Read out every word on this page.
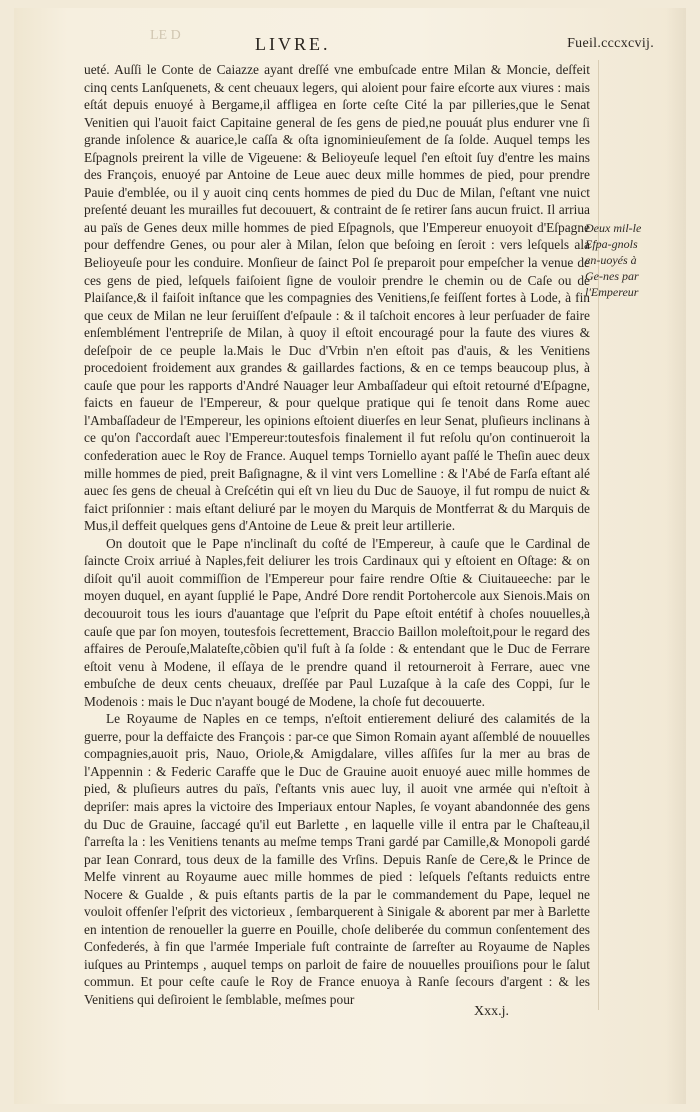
LE D	LIVRE.	Fueil.cccxcvij.

ueté. Auſſi le Conte de Caiazze ayant dreſſé vne embuſcade entre Milan & Moncie, deſfeit cinq cents Lanſquenets, & cent cheuaux legers, qui aloient pour faire eſcorte aux viures : mais eſtát depuis enuoyé à Bergame,il affligea en ſorte ceſte Cité la par pilleries,que le Senat Venitien qui l'auoit faict Capitaine general de ſes gens de pied,ne pouuát plus endurer vne ſi grande inſolence & auarice,le caſſa & oſta ignominieuſement de ſa ſolde. Auquel temps les Eſpagnols preirent la ville de Vigeuene: & Belioyeuſe lequel ſ'en eſtoit ſuy d'entre les mains des François, enuoyé par Antoine de Leue auec deux mille hommes de pied, pour prendre Pauie d'emblée, ou il y auoit cinq cents hommes de pied du Duc de Milan, ſ'eſtant vne nuict preſenté deuant les murailles fut decouuert, & contraint de ſe retirer ſans aucun fruict. Il arriua au païs de Genes deux mille hommes de pied Eſpagnols, que l'Empereur enuoyoit d'Eſpagne pour deffendre Genes, ou pour aler à Milan, ſelon que beſoing en ſeroit : vers leſquels ala Belioyeuſe pour les conduire. Monſieur de ſainct Pol ſe preparoit pour empeſcher la venue de ces gens de pied, leſquels faiſoient ſigne de vouloir prendre le chemin ou de Caſe ou de Plaiſance,& il faiſoit inſtance que les compagnies des Venitiens,ſe feiſſent fortes à Lode, à fin que ceux de Milan ne leur ſeruiſſent d'eſpaule : & il taſchoit encores à leur perſuader de faire enſemblément l'entrepriſe de Milan, à quoy il eſtoit encouragé pour la faute des viures & deſeſpoir de ce peuple la.Mais le Duc d'Vrbin n'en eſtoit pas d'auis, & les Venitiens procedoient froidement aux grandes & gaillardes factions, & en ce temps beaucoup plus, à cauſe que pour les rapports d'André Nauager leur Ambaſſadeur qui eſtoit retourné d'Eſpagne, faicts en faueur de l'Empereur, & pour quelque pratique qui ſe tenoit dans Rome auec l'Ambaſſadeur de l'Empereur, les opinions eſtoient diuerſes en leur Senat, pluſieurs inclinans à ce qu'on ſ'accordaſt auec l'Empereur:toutesfois finalement il fut reſolu qu'on continueroit la confederation auec le Roy de France. Auquel temps Torniello ayant paſſé le Theſin auec deux mille hommes de pied, preit Baſignagne, & il vint vers Lomelline : & l'Abé de Farſa eſtant alé auec ſes gens de cheual à Creſcétin qui eſt vn lieu du Duc de Sauoye, il fut rompu de nuict & faict priſonnier : mais eſtant deliuré par le moyen du Marquis de Montferrat & du Marquis de Mus,il deffeit quelques gens d'Antoine de Leue & preit leur artillerie.

On doutoit que le Pape n'inclinaſt du coſté de l'Empereur, à cauſe que le Cardinal de ſaincte Croix arriué à Naples,feit deliurer les trois Cardinaux qui y eſtoient en Oſtage: & on diſoit qu'il auoit commiſſion de l'Empereur pour faire rendre Oſtie & Ciuitaueeche: par le moyen duquel, en ayant ſupplié le Pape, André Dore rendit Portohercole aux Sienois.Mais on decouuroit tous les iours d'auantage que l'eſprit du Pape eſtoit entétif à choſes nouuelles,à cauſe que par ſon moyen, toutesfois ſecrettement, Braccio Baillon moleſtoit,pour le regard des affaires de Perouſe,Malateſte,cõbien qu'il fuſt à ſa ſolde : & entendant que le Duc de Ferrare eſtoit venu à Modene, il eſſaya de le prendre quand il retourneroit à Ferrare, auec vne embuſche de deux cents cheuaux, dreſſée par Paul Luzaſque à la caſe des Coppi, ſur le Modenois : mais le Duc n'ayant bougé de Modene, la choſe fut decouuerte.

Le Royaume de Naples en ce temps, n'eſtoit entierement deliuré des calamités de la guerre, pour la deffaicte des François : par-ce que Simon Romain ayant aſſemblé de nouuelles compagnies,auoit pris, Nauo, Oriole,& Amigdalare, villes aſſiſes ſur la mer au bras de l'Appennin : & Federic Caraffe que le Duc de Grauine auoit enuoyé auec mille hommes de pied, & pluſieurs autres du païs, ſ'eſtants vnis auec luy, il auoit vne armée qui n'eſtoit à depriſer: mais apres la victoire des Imperiaux entour Naples, ſe voyant abandonnée des gens du Duc de Grauine, ſaccagé qu'il eut Barlette , en laquelle ville il entra par le Chaſteau,il ſ'arreſta la : les Venitiens tenants au meſme temps Trani gardé par Camille,& Monopoli gardé par Iean Conrard, tous deux de la famille des Vrſins. Depuis Ranſe de Cere,& le Prince de Melfe vinrent au Royaume auec mille hommes de pied : leſquels ſ'eſtants reduicts entre Nocere & Gualde , & puis eſtants partis de la par le commandement du Pape, lequel ne vouloit offenſer l'eſprit des victorieux , ſembarquerent à Sinigale & aborent par mer à Barlette en intention de renoueller la guerre en Pouille, choſe deliberée du commun conſentement des Confederés, à fin que l'armée Imperiale fuſt contrainte de ſarreſter au Royaume de Naples iuſques au Printemps , auquel temps on parloit de faire de nouuelles prouiſions pour le ſalut commun. Et pour ceſte cauſe le Roy de France enuoya à Ranſe ſecours d'argent : & les Venitiens qui deſiroient le ſemblable, meſmes pour

Deux mil-le Efpa-gnols en-uoyés à Ge-nes par l'Empereur
Xxx.j.
